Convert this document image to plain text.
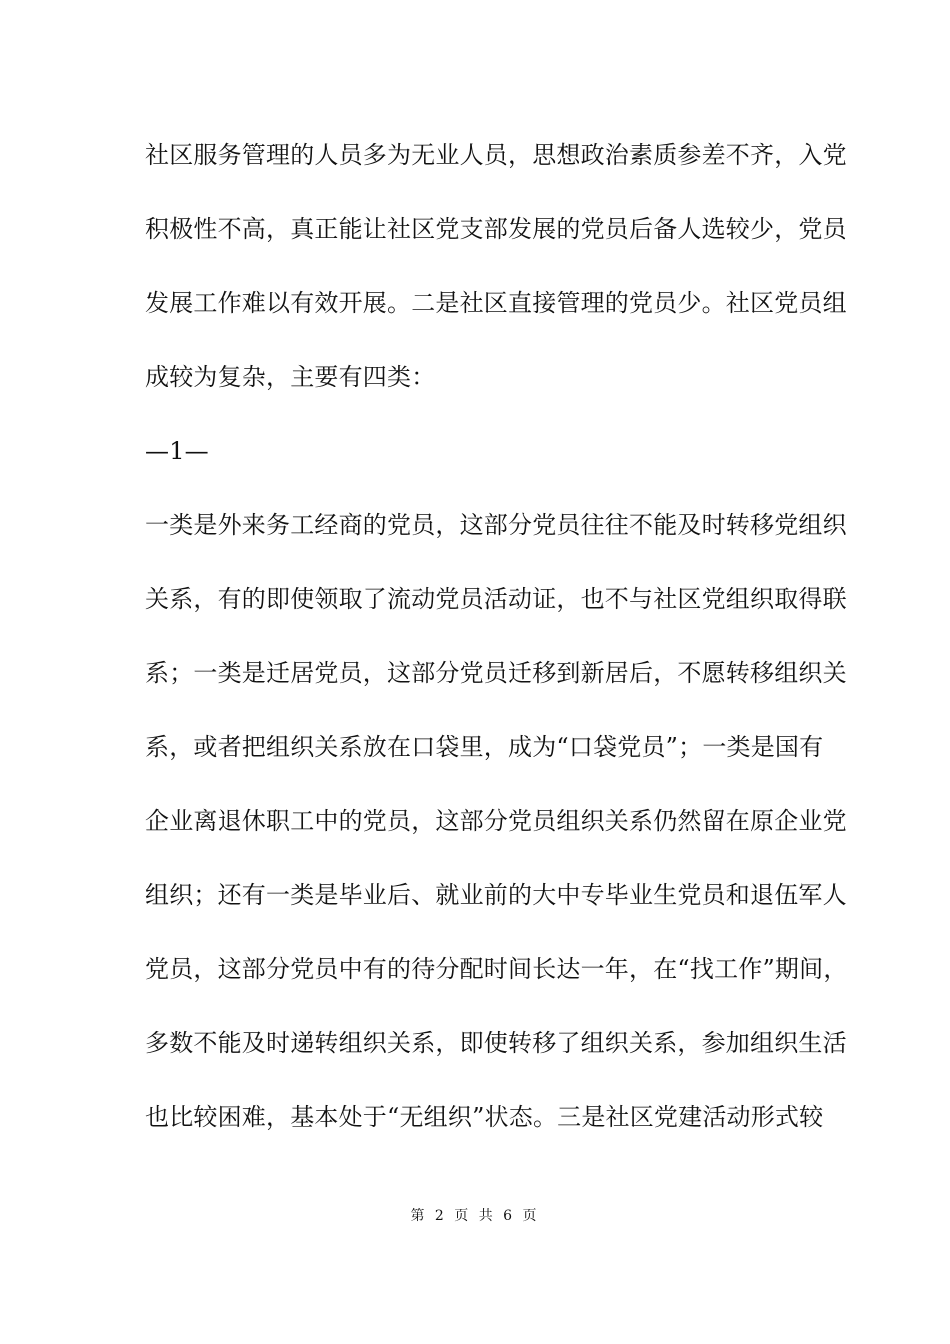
社区服务管理的人员多为无业人员，思想政治素质参差不齐，入党
积极性不高，真正能让社区党支部发展的党员后备人选较少，党员
发展工作难以有效开展。二是社区直接管理的党员少。社区党员组
成较为复杂，主要有四类：
—1—
一类是外来务工经商的党员，这部分党员往往不能及时转移党组织
关系，有的即使领取了流动党员活动证，也不与社区党组织取得联
系；一类是迁居党员，这部分党员迁移到新居后，不愿转移组织关
系，或者把组织关系放在口袋里，成为“口袋党员”；一类是国有
企业离退休职工中的党员，这部分党员组织关系仍然留在原企业党
组织；还有一类是毕业后、就业前的大中专毕业生党员和退伍军人
党员，这部分党员中有的待分配时间长达一年，在“找工作”期间，
多数不能及时递转组织关系，即使转移了组织关系，参加组织生活
也比较困难，基本处于“无组织”状态。三是社区党建活动形式较
第 2 页 共 6 页
